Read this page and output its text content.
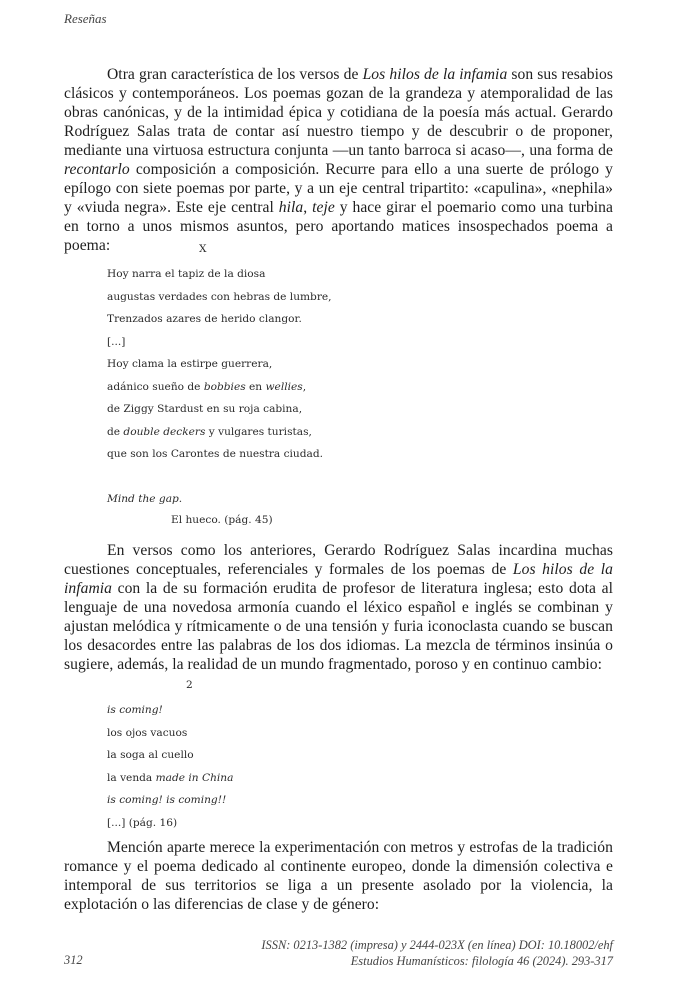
Reseñas

Otra gran característica de los versos de Los hilos de la infamia son sus resabios clásicos y contemporáneos. Los poemas gozan de la grandeza y atemporalidad de las obras canónicas, y de la intimidad épica y cotidiana de la poesía más actual. Gerardo Rodríguez Salas trata de contar así nuestro tiempo y de descubrir o de proponer, mediante una virtuosa estructura conjunta —un tanto barroca si acaso—, una forma de recontarlo composición a composición. Recurre para ello a una suerte de prólogo y epílogo con siete poemas por parte, y a un eje central tripartito: «capulina», «nephila» y «viuda negra». Este eje central hila, teje y hace girar el poemario como una turbina en torno a unos mismos asuntos, pero aportando matices insospechados poema a poema:	X
Hoy narra el tapiz de la diosa
augustas verdades con hebras de lumbre,
Trenzados azares de herido clangor.
[...]
Hoy clama la estirpe guerrera,
adánico sueño de bobbies en wellies,
de Ziggy Stardust en su roja cabina,
de double deckers y vulgares turistas,
que son los Carontes de nuestra ciudad.
Mind the gap.
El hueco. (pág. 45)

En versos como los anteriores, Gerardo Rodríguez Salas incardina muchas cuestiones conceptuales, referenciales y formales de los poemas de Los hilos de la infamia con la de su formación erudita de profesor de literatura inglesa; esto dota al lenguaje de una novedosa armonía cuando el léxico español e inglés se combinan y ajustan melódica y rítmicamente o de una tensión y furia iconoclasta cuando se buscan los desacordes entre las palabras de los dos idiomas. La mezcla de términos insinúa o sugiere, además, la realidad de un mundo fragmentado, poroso y en continuo cambio:

2
is coming!
los ojos vacuos
la soga al cuello
la venda made in China
is coming! is coming!!
[...] (pág. 16)

Mención aparte merece la experimentación con metros y estrofas de la tradición romance y el poema dedicado al continente europeo, donde la dimensión colectiva e intemporal de sus territorios se liga a un presente asolado por la violencia, la explotación o las diferencias de clase y de género:

ISSN: 0213-1382 (impresa) y 2444-023X (en línea) DOI: 10.18002/ehf
Estudios Humanísticos: filología 46 (2024). 293-317
312
